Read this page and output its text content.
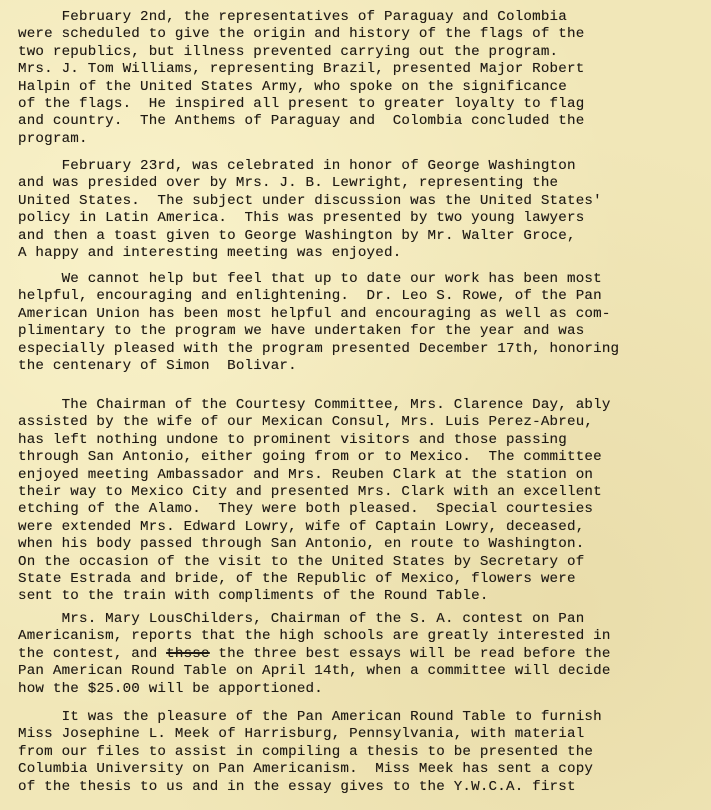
February 2nd, the representatives of Paraguay and Colombia
were scheduled to give the origin and history of the flags of the
two republics, but illness prevented carrying out the program.
Mrs. J. Tom Williams, representing Brazil, presented Major Robert
Halpin of the United States Army, who spoke on the significance
of the flags.  He inspired all present to greater loyalty to flag
and country.  The Anthems of Paraguay and  Colombia concluded the
program.
February 23rd, was celebrated in honor of George Washington
and was presided over by Mrs. J. B. Lewright, representing the
United States.  The subject under discussion was the United States'
policy in Latin America.  This was presented by two young lawyers
and then a toast given to George Washington by Mr. Walter Groce,
A happy and interesting meeting was enjoyed.
We cannot help but feel that up to date our work has been most
helpful, encouraging and enlightening.  Dr. Leo S. Rowe, of the Pan
American Union has been most helpful and encouraging as well as com-
plimentary to the program we have undertaken for the year and was
especially pleased with the program presented December 17th, honoring
the centenary of Simon  Bolivar.
The Chairman of the Courtesy Committee, Mrs. Clarence Day, ably
assisted by the wife of our Mexican Consul, Mrs. Luis Perez-Abreu,
has left nothing undone to prominent visitors and those passing
through San Antonio, either going from or to Mexico.  The committee
enjoyed meeting Ambassador and Mrs. Reuben Clark at the station on
their way to Mexico City and presented Mrs. Clark with an excellent
etching of the Alamo.  They were both pleased.  Special courtesies
were extended Mrs. Edward Lowry, wife of Captain Lowry, deceased,
when his body passed through San Antonio, en route to Washington.
On the occasion of the visit to the United States by Secretary of
State Estrada and bride, of the Republic of Mexico, flowers were
sent to the train with compliments of the Round Table.
Mrs. Mary LousChilders, Chairman of the S. A. contest on Pan
Americanism, reports that the high schools are greatly interested in
the contest, and thsse the three best essays will be read before the
Pan American Round Table on April 14th, when a committee will decide
how the $25.00 will be apportioned.
It was the pleasure of the Pan American Round Table to furnish
Miss Josephine L. Meek of Harrisburg, Pennsylvania, with material
from our files to assist in compiling a thesis to be presented the
Columbia University on Pan Americanism.  Miss Meek has sent a copy
of the thesis to us and in the essay gives to the Y.W.C.A. first
